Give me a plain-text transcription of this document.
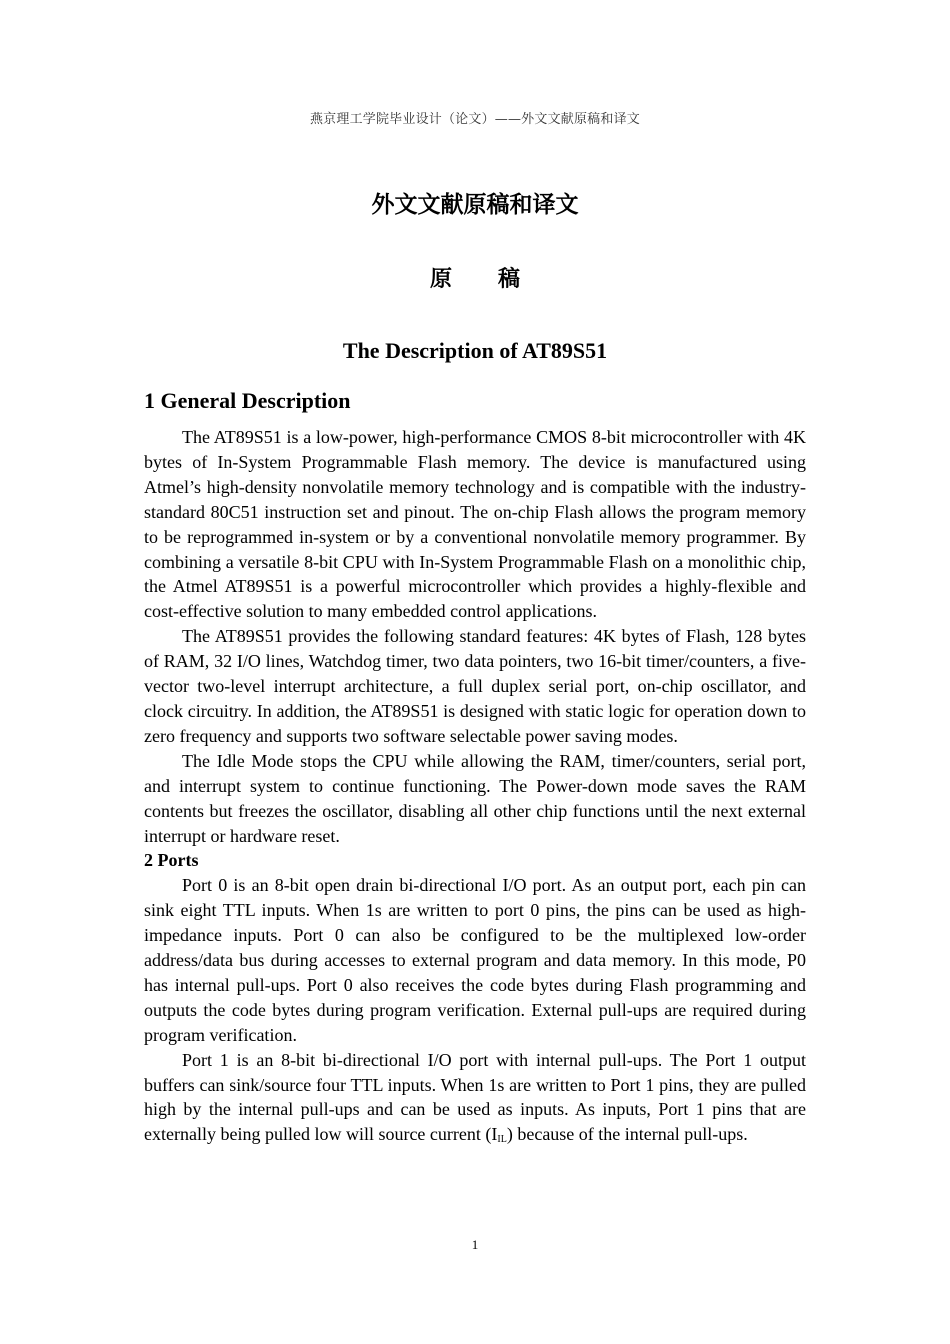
燕京理工学院毕业设计（论文）——外文文献原稿和译文
外文文献原稿和译文
原 稿
The Description of AT89S51
1 General Description

The AT89S51 is a low-power, high-performance CMOS 8-bit microcontroller with 4K bytes of In-System Programmable Flash memory. The device is manufactured using Atmel’s high-density nonvolatile memory technology and is compatible with the industry-standard 80C51 instruction set and pinout. The on-chip Flash allows the program memory to be reprogrammed in-system or by a conventional nonvolatile memory programmer. By combining a versatile 8-bit CPU with In-System Programmable Flash on a monolithic chip, the Atmel AT89S51 is a powerful microcontroller which provides a highly-flexible and cost-effective solution to many embedded control applications.

The AT89S51 provides the following standard features: 4K bytes of Flash, 128 bytes of RAM, 32 I/O lines, Watchdog timer, two data pointers, two 16-bit timer/counters, a five-vector two-level interrupt architecture, a full duplex serial port, on-chip oscillator, and clock circuitry. In addition, the AT89S51 is designed with static logic for operation down to zero frequency and supports two software selectable power saving modes.

The Idle Mode stops the CPU while allowing the RAM, timer/counters, serial port, and interrupt system to continue functioning. The Power-down mode saves the RAM contents but freezes the oscillator, disabling all other chip functions until the next external interrupt or hardware reset.

2 Ports

Port 0 is an 8-bit open drain bi-directional I/O port. As an output port, each pin can sink eight TTL inputs. When 1s are written to port 0 pins, the pins can be used as high-impedance inputs. Port 0 can also be configured to be the multiplexed low-order address/data bus during accesses to external program and data memory. In this mode, P0 has internal pull-ups. Port 0 also receives the code bytes during Flash programming and outputs the code bytes during program verification. External pull-ups are required during program verification.

Port 1 is an 8-bit bi-directional I/O port with internal pull-ups. The Port 1 output buffers can sink/source four TTL inputs. When 1s are written to Port 1 pins, they are pulled high by the internal pull-ups and can be used as inputs. As inputs, Port 1 pins that are externally being pulled low will source current $(I_{IL})$ because of the internal pull-ups.

1
